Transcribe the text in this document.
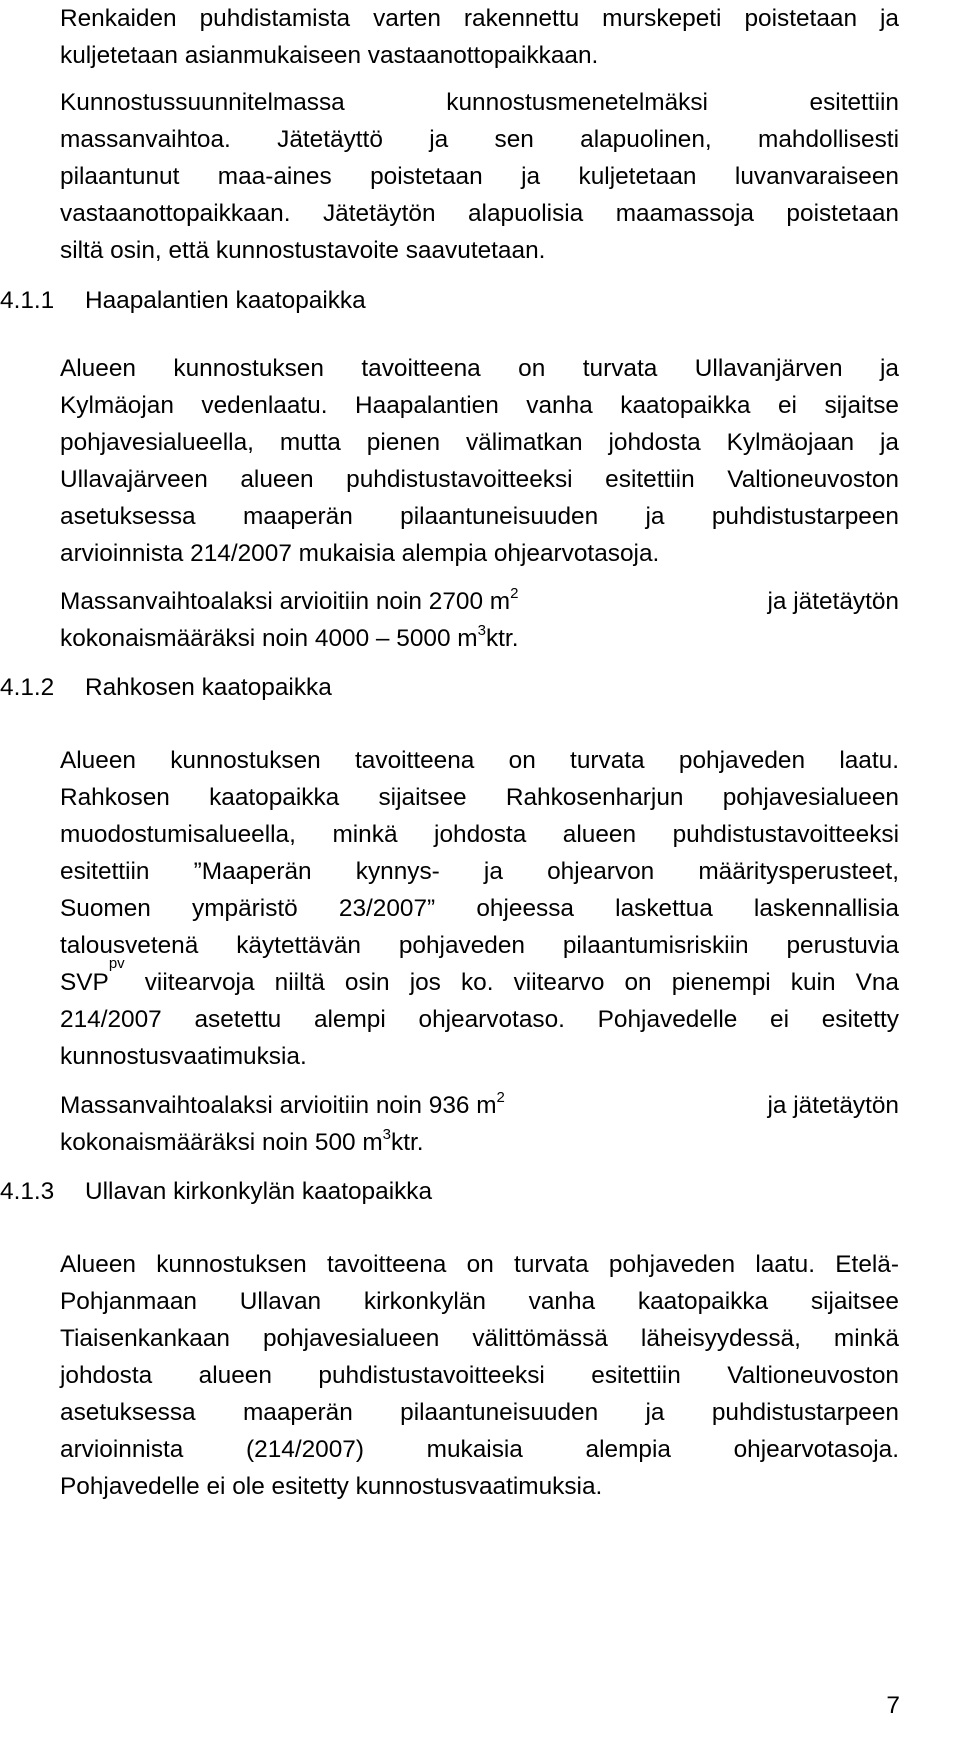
Renkaiden puhdistamista varten rakennettu murskepeti poistetaan ja
kuljetetaan asianmukaiseen vastaanottopaikkaan.
Kunnostussuunnitelmassa kunnostusmenetelmäksi esitettiin
massanvaihtoa. Jätetäyttö ja sen alapuolinen, mahdollisesti
pilaantunut maa-aines poistetaan ja kuljetetaan luvanvaraiseen
vastaanottopaikkaan. Jätetäytön alapuolisia maamassoja poistetaan
siltä osin, että kunnostustavoite saavutetaan.
4.1.1	Haapalantien kaatopaikka
Alueen kunnostuksen tavoitteena on turvata Ullavanjärven ja
Kylmäojan vedenlaatu. Haapalantien vanha kaatopaikka ei sijaitse
pohjavesialueella, mutta pienen välimatkan johdosta Kylmäojaan ja
Ullavajärveen alueen puhdistustavoitteeksi esitettiin Valtioneuvoston
asetuksessa maaperän pilaantuneisuuden ja puhdistustarpeen
arvioinnista 214/2007 mukaisia alempia ohjearvotasoja.
Massanvaihtoalaksi arvioitiin noin 2700 $m^2$	ja jätetäytön
kokonaismääräksi noin 4000 – 5000 $m^3ktr$.
4.1.2	Rahkosen kaatopaikka
Alueen kunnostuksen tavoitteena on turvata pohjaveden laatu.
Rahkosen kaatopaikka sijaitsee Rahkosenharjun pohjavesialueen
muodostumisalueella, minkä johdosta alueen puhdistustavoitteeksi
esitettiin ”Maaperän kynnys- ja ohjearvon määritysperusteet,
Suomen ympäristö 23/2007” ohjeessa laskettua laskennallisia
talousvetenä käytettävän pohjaveden pilaantumisriskiin perustuvia
SVP
pv
viitearvoja niiltä osin jos ko. viitearvo on pienempi kuin Vna
214/2007 asetettu alempi ohjearvotaso. Pohjavedelle ei esitetty
kunnostusvaatimuksia.
Massanvaihtoalaksi arvioitiin noin 936 $m^2$	ja jätetäytön
kokonaismääräksi noin 500 $m^3ktr$.
4.1.3	Ullavan kirkonkylän kaatopaikka
Alueen kunnostuksen tavoitteena on turvata pohjaveden laatu. Etelä-
Pohjanmaan Ullavan kirkonkylän vanha kaatopaikka sijaitsee
Tiaisenkankaan pohjavesialueen välittömässä läheisyydessä, minkä
johdosta alueen puhdistustavoitteeksi esitettiin Valtioneuvoston
asetuksessa maaperän pilaantuneisuuden ja puhdistustarpeen
arvioinnista (214/2007) mukaisia alempia ohjearvotasoja.
Pohjavedelle ei ole esitetty kunnostusvaatimuksia.
7
